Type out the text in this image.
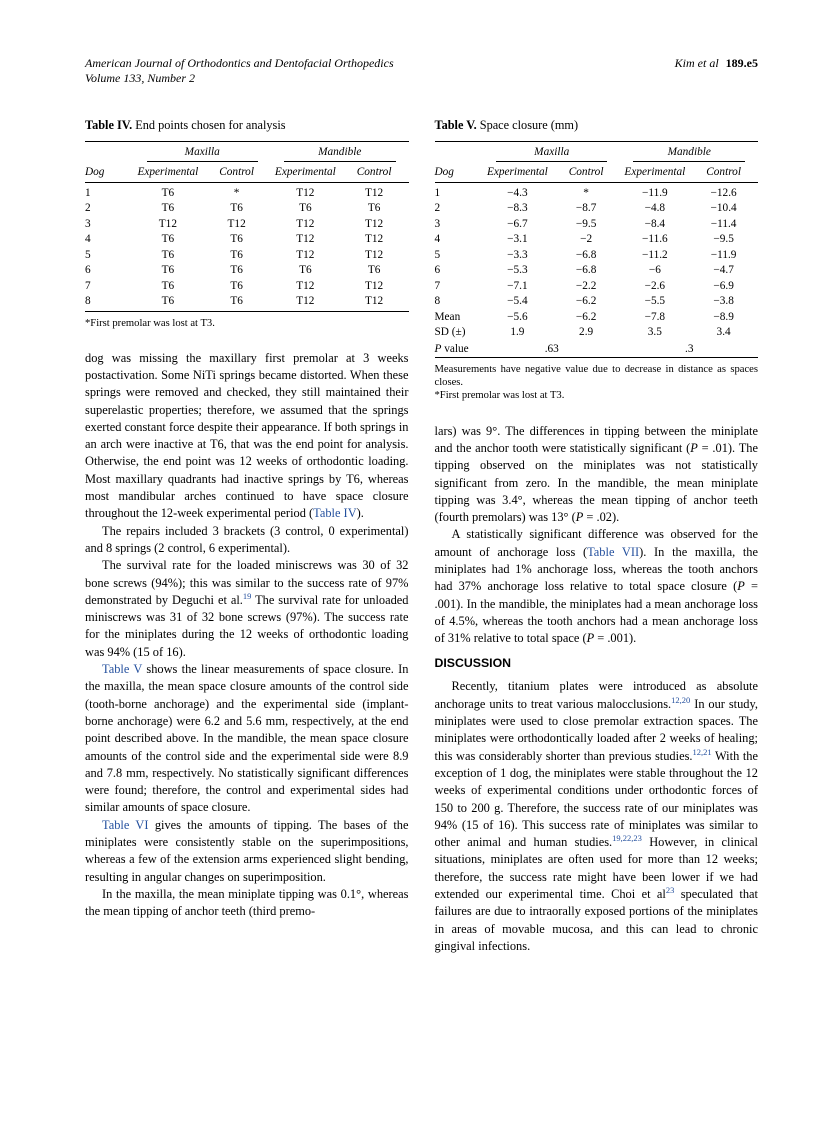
American Journal of Orthodontics and Dentofacial Orthopedics
Volume 133, Number 2
Kim et al 189.e5
Table IV. End points chosen for analysis

	Maxilla		Mandible	

Dog	Experimental	Control	Experimental	Control
1	T6	*	T12	T12
2	T6	T6	T6	T6
3	T12	T12	T12	T12
4	T6	T6	T12	T12
5	T6	T6	T12	T12
6	T6	T6	T6	T6
7	T6	T6	T12	T12
8	T6	T6	T12	T12
*First premolar was lost at T3.

dog was missing the maxillary first premolar at 3 weeks postactivation. Some NiTi springs became distorted. When these springs were removed and checked, they still maintained their superelastic properties; therefore, we assumed that the springs exerted constant force despite their appearance. If both springs in an arch were inactive at T6, that was the end point for analysis. Otherwise, the end point was 12 weeks of orthodontic loading. Most maxillary quadrants had inactive springs by T6, whereas most mandibular arches continued to have space closure throughout the 12-week experimental period (Table IV).

The repairs included 3 brackets (3 control, 0 experimental) and 8 springs (2 control, 6 experimental).

The survival rate for the loaded miniscrews was 30 of 32 bone screws (94%); this was similar to the success rate of 97% demonstrated by Deguchi et al.$^{19}$ The survival rate for unloaded miniscrews was 31 of 32 bone screws (97%). The success rate for the miniplates during the 12 weeks of orthodontic loading was 94% (15 of 16).

Table V shows the linear measurements of space closure. In the maxilla, the mean space closure amounts of the control side (tooth-borne anchorage) and the experimental side (implant-borne anchorage) were 6.2 and 5.6 mm, respectively, at the end point described above. In the mandible, the mean space closure amounts of the control side and the experimental side were 8.9 and 7.8 mm, respectively. No statistically significant differences were found; therefore, the control and experimental sides had similar amounts of space closure.

Table VI gives the amounts of tipping. The bases of the miniplates were consistently stable on the superimpositions, whereas a few of the extension arms experienced slight bending, resulting in angular changes on superimposition.

In the maxilla, the mean miniplate tipping was 0.1°, whereas the mean tipping of anchor teeth (third premo-

Table V. Space closure (mm)

	Maxilla		Mandible	

Dog	Experimental	Control	Experimental	Control
1	−4.3	*	−11.9	−12.6
2	−8.3	−8.7	−4.8	−10.4
3	−6.7	−9.5	−8.4	−11.4
4	−3.1	−2	−11.6	−9.5
5	−3.3	−6.8	−11.2	−11.9
6	−5.3	−6.8	−6	−4.7
7	−7.1	−2.2	−2.6	−6.9
8	−5.4	−6.2	−5.5	−3.8
Mean	−5.6	−6.2	−7.8	−8.9
SD (±)	1.9	2.9	3.5	3.4
P value	.63		.3	
Measurements have negative value due to decrease in distance as spaces closes.
*First premolar was lost at T3.

lars) was 9°. The differences in tipping between the miniplate and the anchor tooth were statistically significant (P = .01). The tipping observed on the miniplates was not statistically significant from zero. In the mandible, the mean miniplate tipping was 3.4°, whereas the mean tipping of anchor teeth (fourth premolars) was 13° (P = .02).

A statistically significant difference was observed for the amount of anchorage loss (Table VII). In the maxilla, the miniplates had 1% anchorage loss, whereas the tooth anchors had 37% anchorage loss relative to total space closure (P = .001). In the mandible, the miniplates had a mean anchorage loss of 4.5%, whereas the tooth anchors had a mean anchorage loss of 31% relative to total space (P = .001).

DISCUSSION

Recently, titanium plates were introduced as absolute anchorage units to treat various malocclusions.$^{12,20}$ In our study, miniplates were used to close premolar extraction spaces. The miniplates were orthodontically loaded after 2 weeks of healing; this was considerably shorter than previous studies.$^{12,21}$ With the exception of 1 dog, the miniplates were stable throughout the 12 weeks of experimental conditions under orthodontic forces of 150 to 200 g. Therefore, the success rate of our miniplates was 94% (15 of 16). This success rate of miniplates was similar to other animal and human studies.$^{19,22,23}$ However, in clinical situations, miniplates are often used for more than 12 weeks; therefore, the success rate might have been lower if we had extended our experimental time. Choi et $al^{23}$ speculated that failures are due to intraorally exposed portions of the miniplates in areas of movable mucosa, and this can lead to chronic gingival infections.
